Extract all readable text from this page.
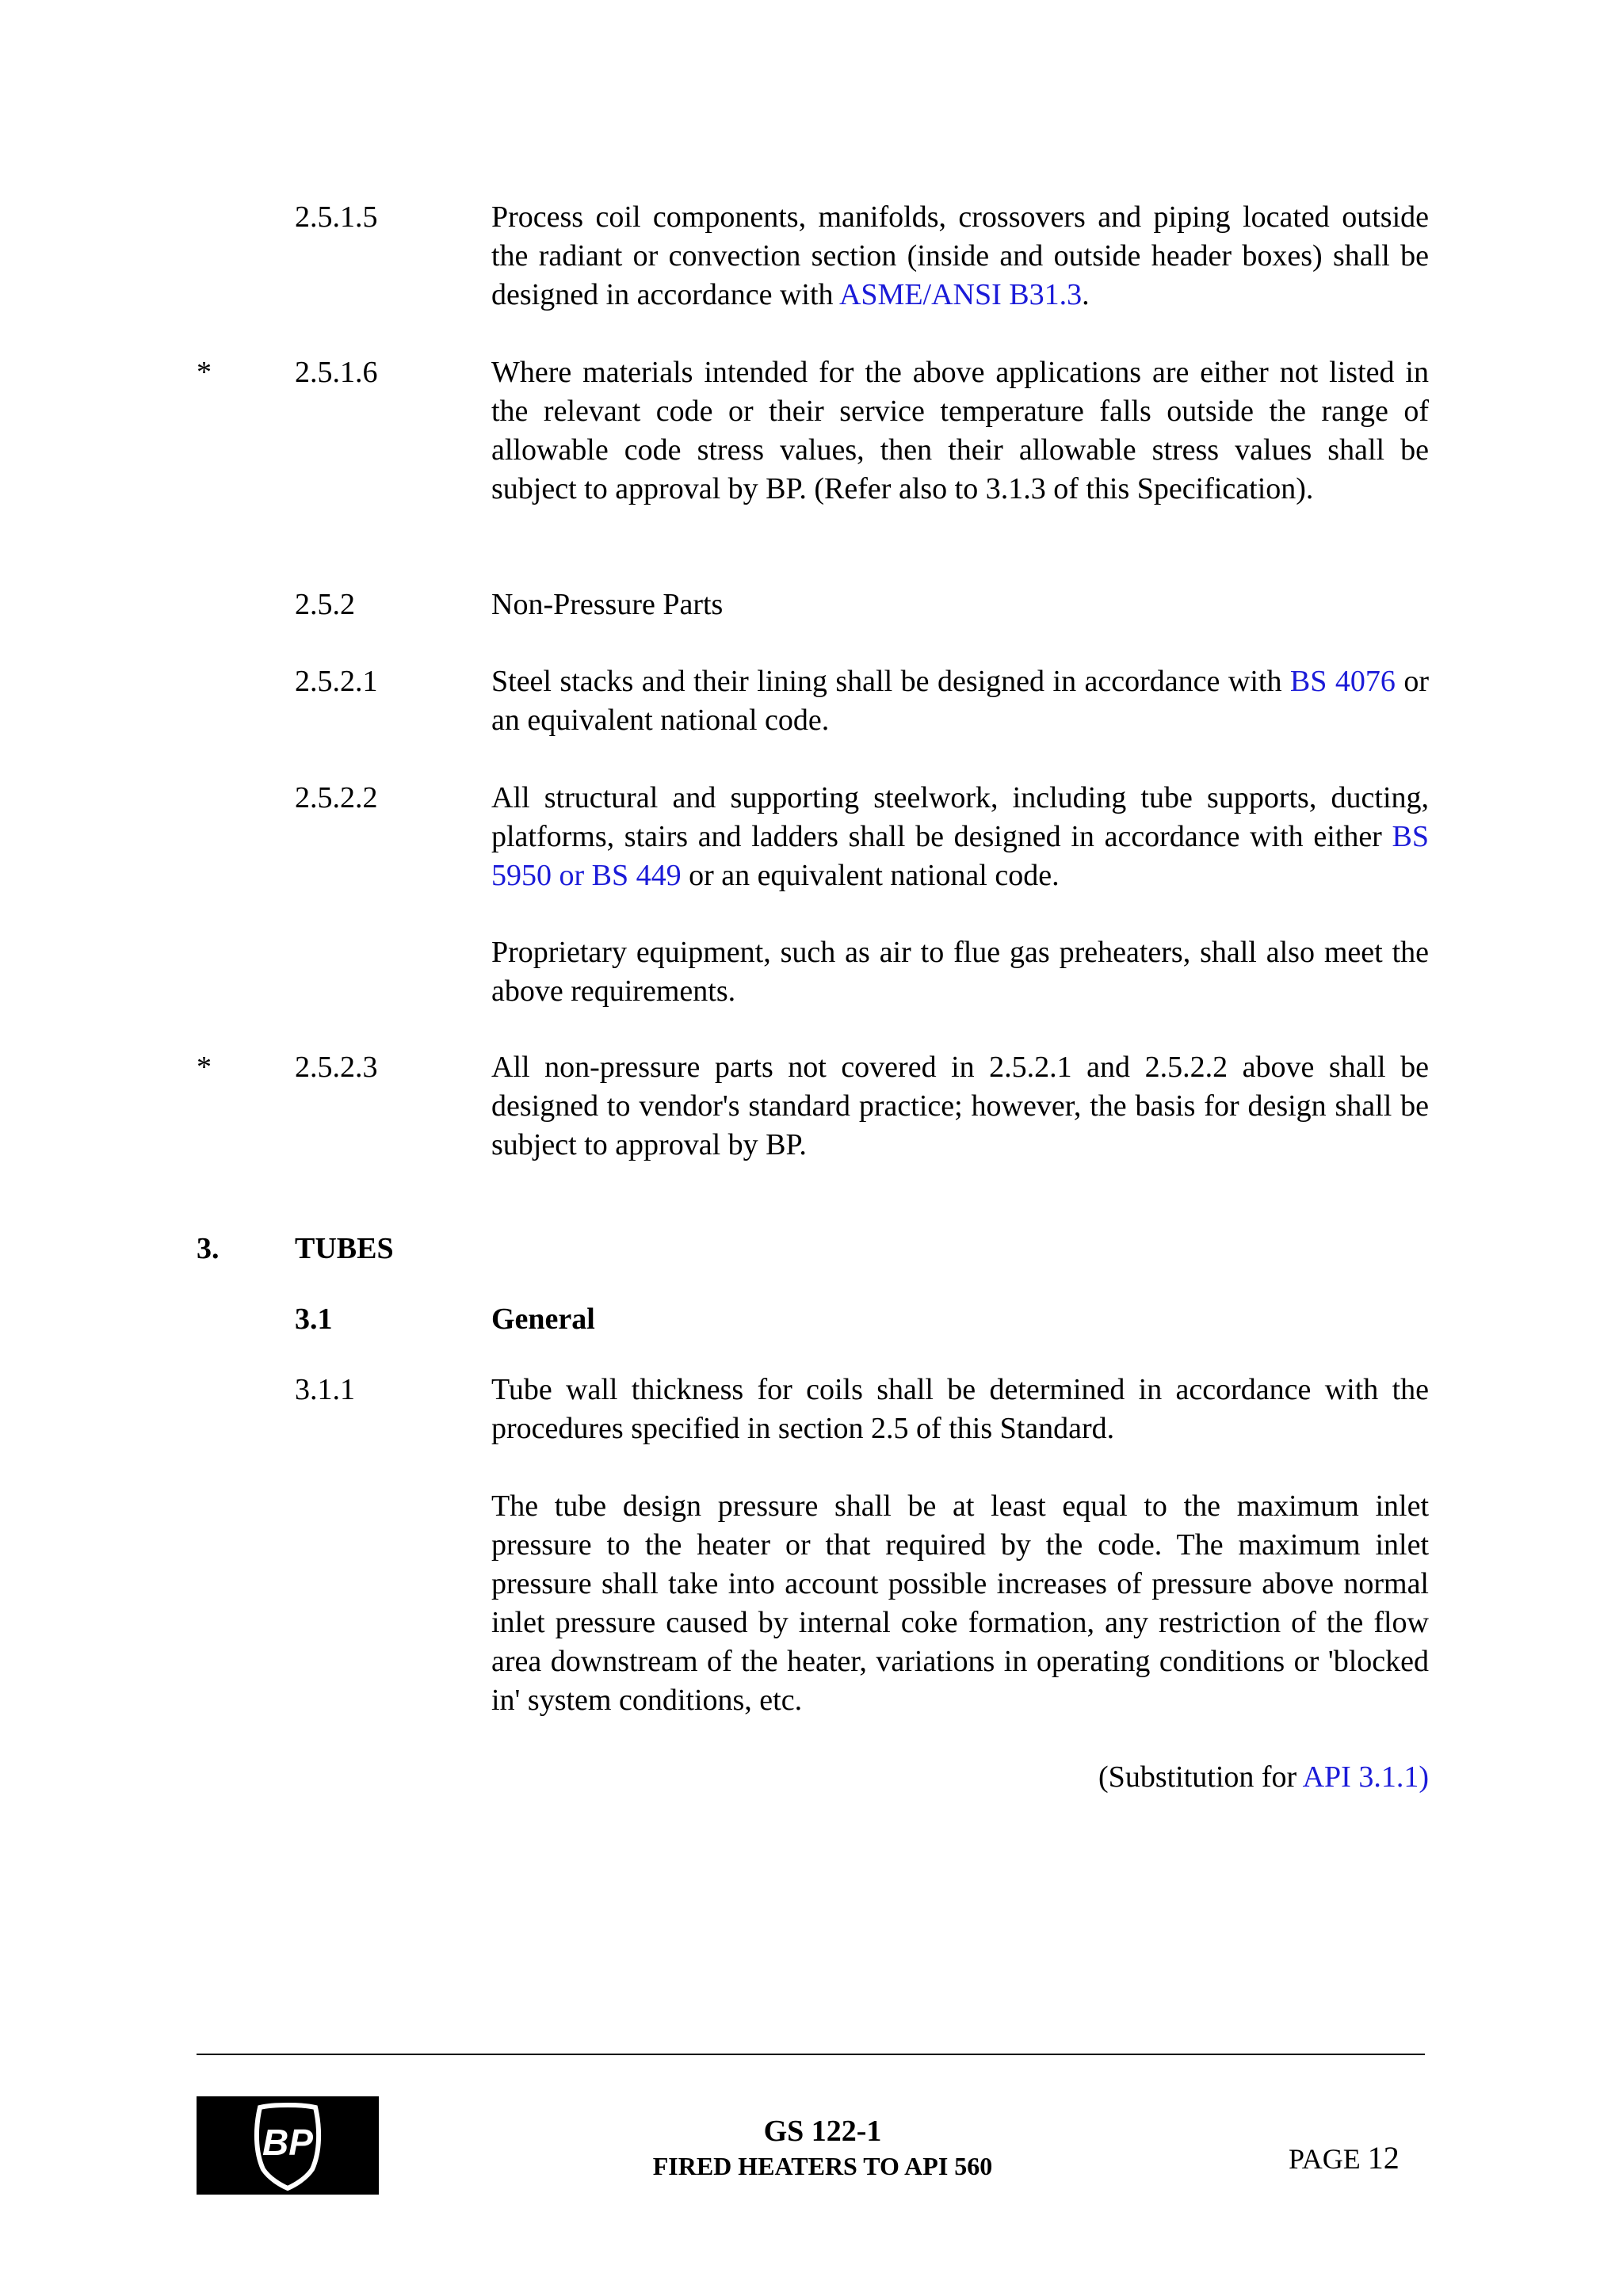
2.5.1.5	Process coil components, manifolds, crossovers and piping located outside the radiant or convection section (inside and outside header boxes) shall be designed in accordance with ASME/ANSI B31.3.
*	2.5.1.6	Where materials intended for the above applications are either not listed in the relevant code or their service temperature falls outside the range of allowable code stress values, then their allowable stress values shall be subject to approval by BP. (Refer also to 3.1.3 of this Specification).
2.5.2	Non-Pressure Parts
2.5.2.1	Steel stacks and their lining shall be designed in accordance with BS 4076 or an equivalent national code.
2.5.2.2	All structural and supporting steelwork, including tube supports, ducting, platforms, stairs and ladders shall be designed in accordance with either BS 5950 or BS 449 or an equivalent national code.
Proprietary equipment, such as air to flue gas preheaters, shall also meet the above requirements.
*	2.5.2.3	All non-pressure parts not covered in 2.5.2.1 and 2.5.2.2 above shall be designed to vendor's standard practice; however, the basis for design shall be subject to approval by BP.
3.	TUBES
3.1	General
3.1.1	Tube wall thickness for coils shall be determined in accordance with the procedures specified in section 2.5 of this Standard.
The tube design pressure shall be at least equal to the maximum inlet pressure to the heater or that required by the code. The maximum inlet pressure shall take into account possible increases of pressure above normal inlet pressure caused by internal coke formation, any restriction of the flow area downstream of the heater, variations in operating conditions or 'blocked in' system conditions, etc.
(Substitution for API 3.1.1)
BP	GS 122-1
FIRED HEATERS TO API 560	PAGE 12
